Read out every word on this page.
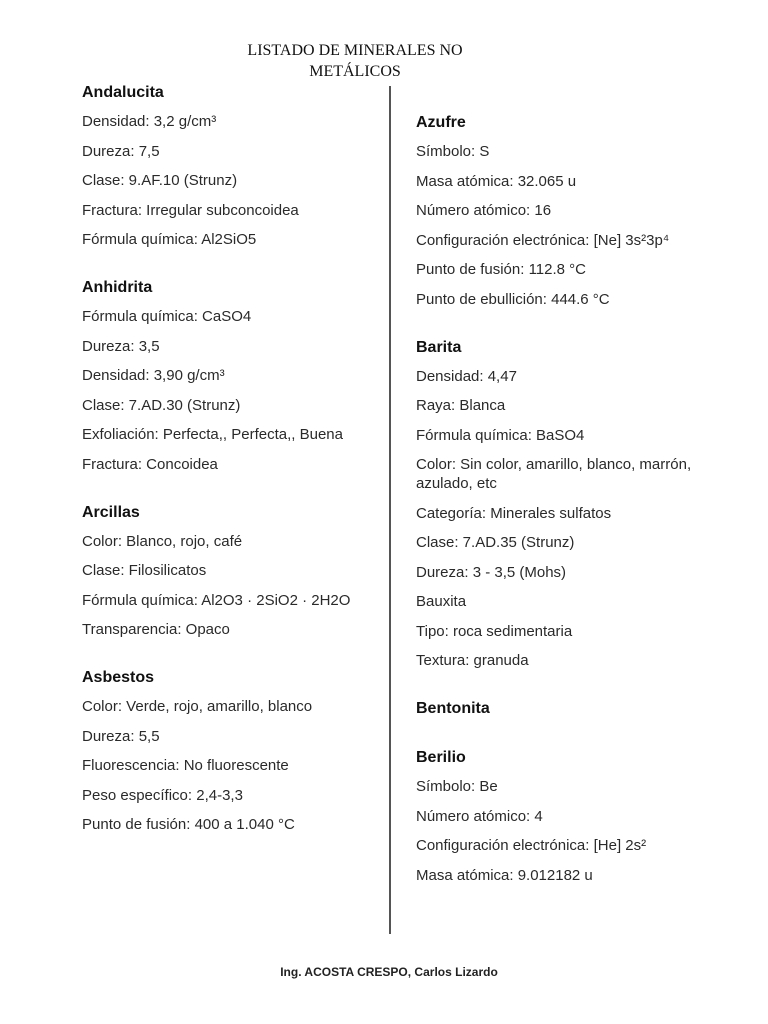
LISTADO DE MINERALES NO
METÁLICOS
Andalucita
Densidad: 3,2 g/cm³
Dureza: 7,5
Clase: 9.AF.10 (Strunz)
Fractura: Irregular subconcoidea
Fórmula química: Al2SiO5
Anhidrita
Fórmula química: CaSO4
Dureza: 3,5
Densidad: 3,90 g/cm³
Clase: 7.AD.30 (Strunz)
Exfoliación: Perfecta,, Perfecta,, Buena
Fractura: Concoidea
Arcillas
Color: Blanco, rojo, café
Clase: Filosilicatos
Fórmula química: Al2O3 · 2SiO2 · 2H2O
Transparencia: Opaco
Asbestos
Color: Verde, rojo, amarillo, blanco
Dureza: 5,5
Fluorescencia: No fluorescente
Peso específico: 2,4-3,3
Punto de fusión: 400 a 1.040 °C
Azufre
Símbolo: S
Masa atómica: 32.065 u
Número atómico: 16
Configuración electrónica: [Ne] 3s²3p⁴
Punto de fusión: 112.8 °C
Punto de ebullición: 444.6 °C
Barita
Densidad: 4,47
Raya: Blanca
Fórmula química: BaSO4
Color: Sin color, amarillo, blanco, marrón, azulado, etc
Categoría: Minerales sulfatos
Clase: 7.AD.35 (Strunz)
Dureza: 3 - 3,5 (Mohs)
Bauxita
Tipo: roca sedimentaria
Textura: granuda
Bentonita
Berilio
Símbolo: Be
Número atómico: 4
Configuración electrónica: [He] 2s²
Masa atómica: 9.012182 u
Ing. ACOSTA CRESPO, Carlos Lizardo
